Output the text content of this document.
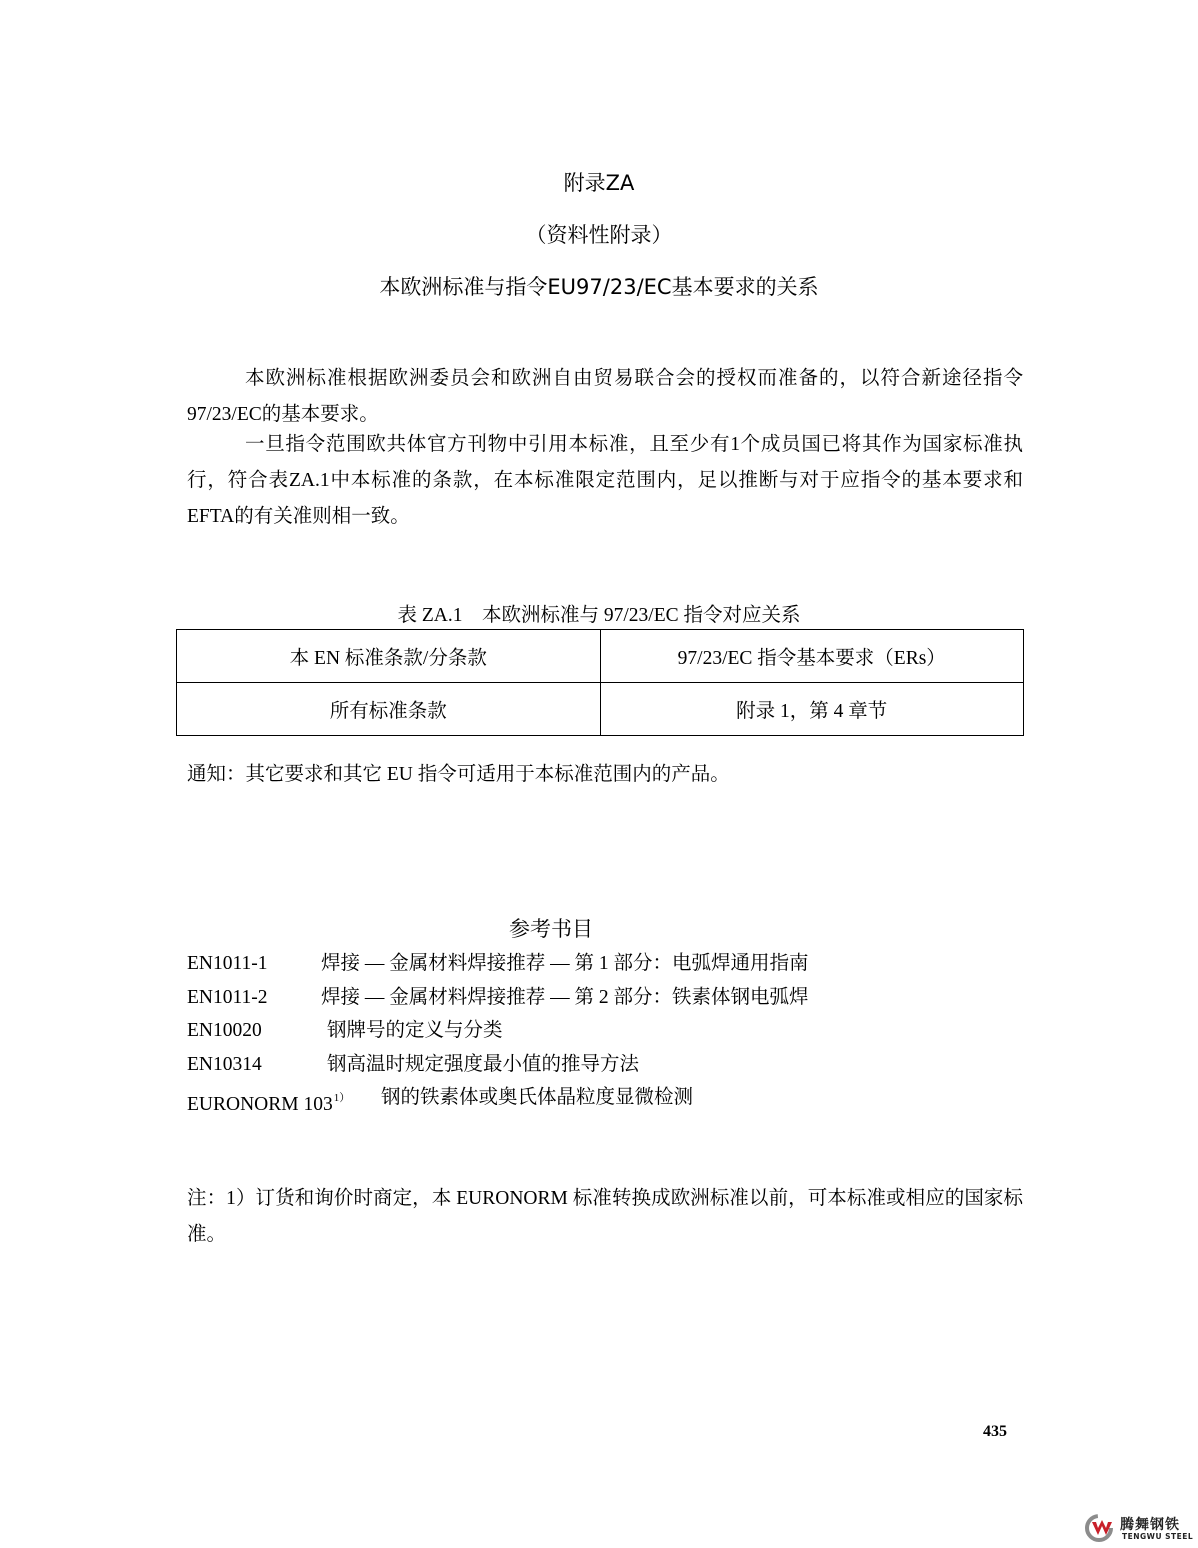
附录ZA
（资料性附录）
本欧洲标准与指令EU97/23/EC基本要求的关系

本欧洲标准根据欧洲委员会和欧洲自由贸易联合会的授权而准备的，以符合新途径指令97/23/EC的基本要求。

一旦指令范围欧共体官方刊物中引用本标准，且至少有1个成员国已将其作为国家标准执行，符合表ZA.1中本标准的条款，在本标准限定范围内，足以推断与对于应指令的基本要求和EFTA的有关准则相一致。

表 ZA.1　本欧洲标准与 97/23/EC 指令对应关系
本 EN 标准条款/分条款	97/23/EC 指令基本要求（ERs）
所有标准条款	附录 1，第 4 章节
通知：其它要求和其它 EU 指令可适用于本标准范围内的产品。
参考书目
EN1011-1	焊接 — 金属材料焊接推荐 — 第 1 部分：电弧焊通用指南
EN1011-2	焊接 — 金属材料焊接推荐 — 第 2 部分：铁素体钢电弧焊
EN10020	钢牌号的定义与分类
EN10314	钢高温时规定强度最小值的推导方法
EURONORM 103$^{1)}$ 钢的铁素体或奥氏体晶粒度显微检测

注：1）订货和询价时商定，本 EURONORM 标准转换成欧洲标准以前，可本标准或相应的国家标准。

435
腾舞钢铁
TENGWU STEEL
